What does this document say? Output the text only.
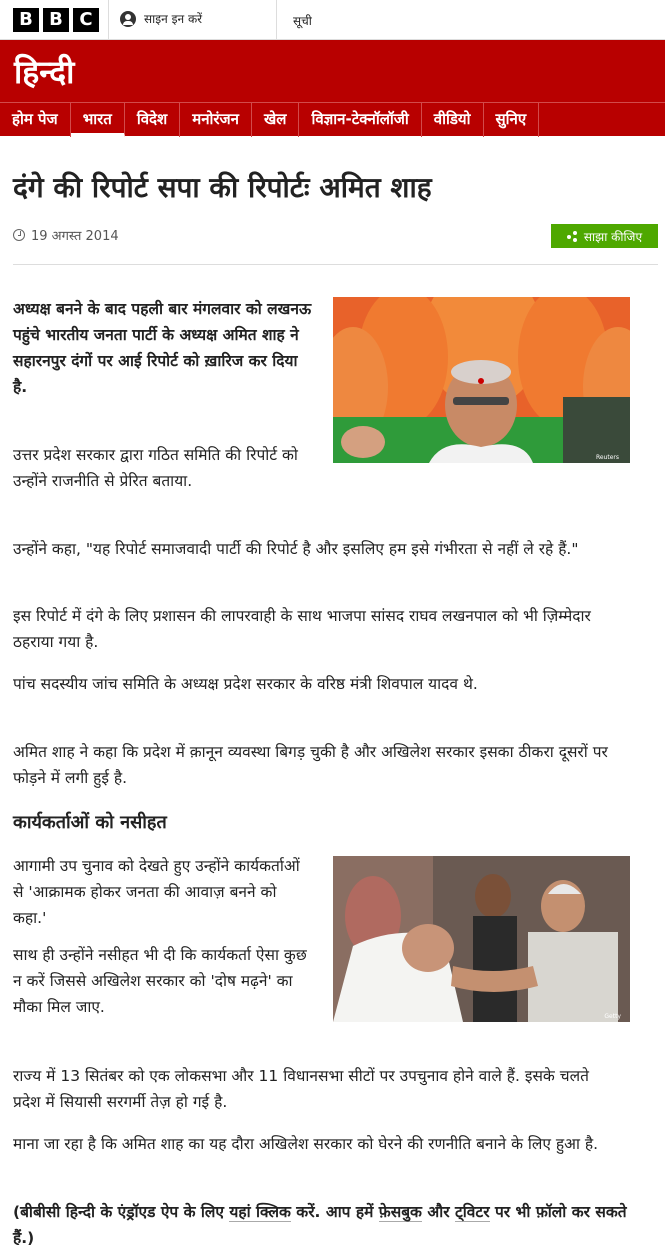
B B C	साइन इन करें	सूची
हिन्दी
होम पेज	भारत	विदेश	मनोरंजन	खेल	विज्ञान-टेक्नॉलॉजी	वीडियो	सुनिए
दंगे की रिपोर्ट सपा की रिपोर्टः अमित शाह
19 अगस्त 2014	साझा कीजिए
Reuters

अध्यक्ष बनने के बाद पहली बार मंगलवार को लखनऊ पहुंचे भारतीय जनता पार्टी के अध्यक्ष अमित शाह ने सहारनपुर दंगों पर आई रिपोर्ट को ख़ारिज कर दिया है.

उत्तर प्रदेश सरकार द्वारा गठित समिति की रिपोर्ट को उन्होंने राजनीति से प्रेरित बताया.

उन्होंने कहा, "यह रिपोर्ट समाजवादी पार्टी की रिपोर्ट है और इसलिए हम इसे गंभीरता से नहीं ले रहे हैं."

इस रिपोर्ट में दंगे के लिए प्रशासन की लापरवाही के साथ भाजपा सांसद राघव लखनपाल को भी ज़िम्मेदार ठहराया गया है.

पांच सदस्यीय जांच समिति के अध्यक्ष प्रदेश सरकार के वरिष्ठ मंत्री शिवपाल यादव थे.

अमित शाह ने कहा कि प्रदेश में क़ानून व्यवस्था बिगड़ चुकी है और अखिलेश सरकार इसका ठीकरा दूसरों पर फोड़ने में लगी हुई है.

कार्यकर्ताओं को नसीहत
Getty

आगामी उप चुनाव को देखते हुए उन्होंने कार्यकर्ताओं से 'आक्रामक होकर जनता की आवाज़ बनने को कहा.'

साथ ही उन्होंने नसीहत भी दी कि कार्यकर्ता ऐसा कुछ न करें जिससे अखिलेश सरकार को 'दोष मढ़ने' का मौका मिल जाए.

राज्य में 13 सितंबर को एक लोकसभा और 11 विधानसभा सीटों पर उपचुनाव होने वाले हैं. इसके चलते प्रदेश में सियासी सरगर्मी तेज़ हो गई है.

माना जा रहा है कि अमित शाह का यह दौरा अखिलेश सरकार को घेरने की रणनीति बनाने के लिए हुआ है.

(बीबीसी हिन्दी के एंड्रॉएड ऐप के लिए यहां क्लिक करें. आप हमें फ़ेसबुक और ट्विटर पर भी फ़ॉलो कर सकते हैं.)
